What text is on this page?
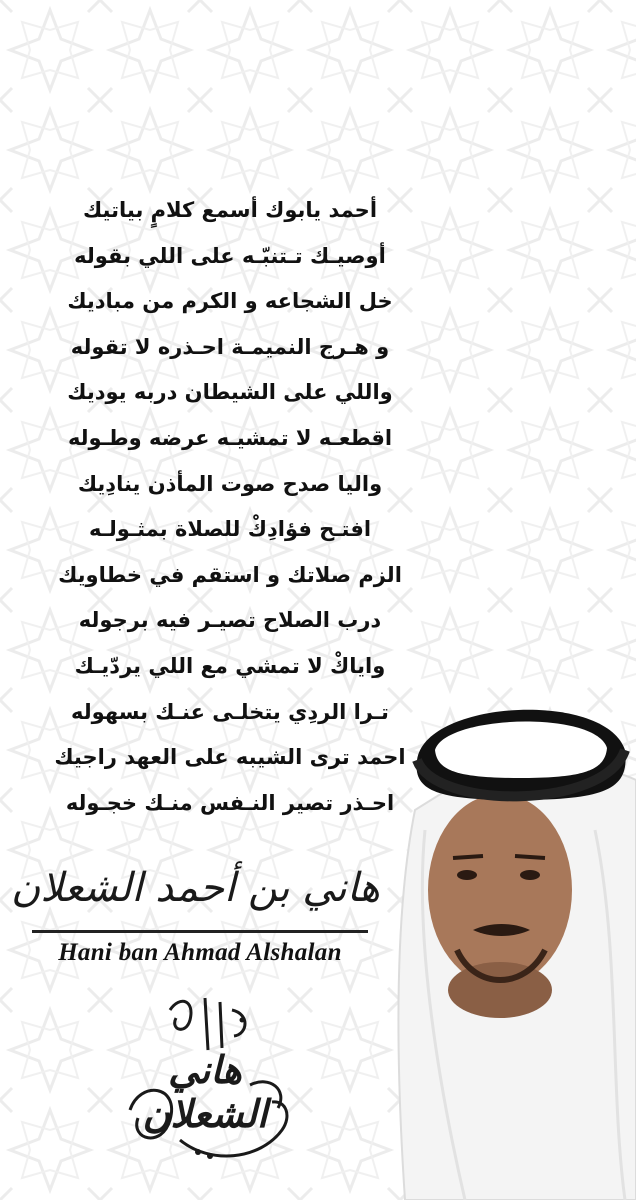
أحمد يابوك أسمع كلامٍ بياتيك
أوصيـك تـتنبّـه على اللي بقوله
خل الشجاعه و الكرم من مباديك
و هـرج النميمـة احـذره لا تقوله
واللي على الشيطان دربه يوديك
اقطعـه لا تمشيـه عرضه وطـوله
واليا صدح صوت المأذن ينادِيك
افتـح فؤادِكْ للصلاة بمثـولـه
الزم صلاتك و استقم في خطاويك
درب الصلاح تصيـر فيه برجوله
واياكْ لا تمشي مع اللي يردّيـك
تـرا الردِي يتخلـى عنـك بسهوله
احمد ترى الشيبه على العهد راجيك
احـذر تصير النـفس منـك خجـوله
هاني بن أحمد الشعلان
Hani ban Ahmad Alshalan
هاني الشعلان
